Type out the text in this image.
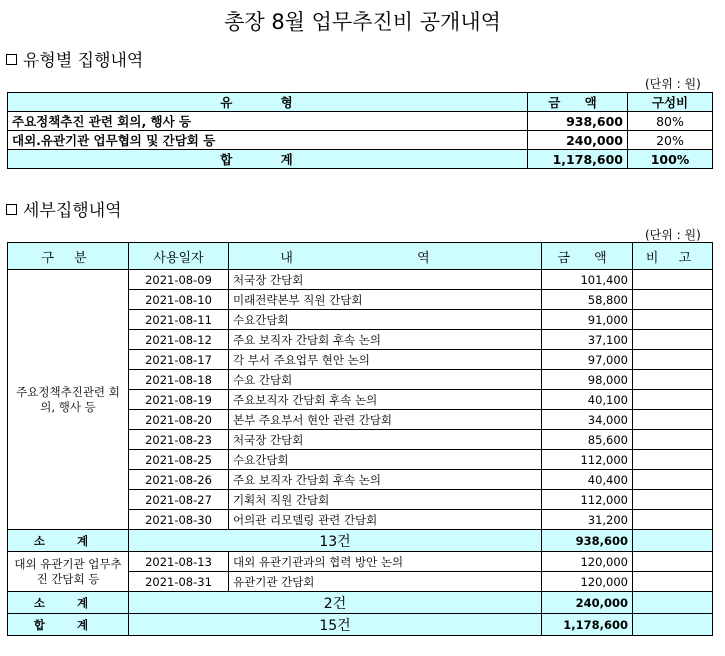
총장 8월 업무추진비 공개내역
유형별 집행내역
(단위 : 원)
유 형	금 액	구성비
주요정책추진 관련 회의, 행사 등	938,600	80%
대외.유관기관 업무협의 및 간담회 등	240,000	20%
합 계	1,178,600	100%
세부집행내역
(단위 : 원)
구 분	사용일자	내 역	금 액	비 고
주요정책추진관련 회의, 행사 등	2021-08-09	처국장 간담회	101,400	
	2021-08-10	미래전략본부 직원 간담회	58,800	
	2021-08-11	수요간담회	91,000	
	2021-08-12	주요 보직자 간담회 후속 논의	37,100	
	2021-08-17	각 부서 주요업무 현안 논의	97,000	
	2021-08-18	수요 간담회	98,000	
	2021-08-19	주요보직자 간담회 후속 논의	40,100	
	2021-08-20	본부 주요부서 현안 관련 간담회	34,000	
	2021-08-23	처국장 간담회	85,600	
	2021-08-25	수요간담회	112,000	
	2021-08-26	주요 보직자 간담회 후속 논의	40,400	
	2021-08-27	기획처 직원 간담회	112,000	
	2021-08-30	어의관 리모델링 관련 간담회	31,200	
소 계	13건		938,600	
대외 유관기관 업무추진 간담회 등	2021-08-13	대외 유관기관과의 협력 방안 논의	120,000	
	2021-08-31	유관기관 간담회	120,000	
소 계	2건		240,000	
합 계	15건		1,178,600	
